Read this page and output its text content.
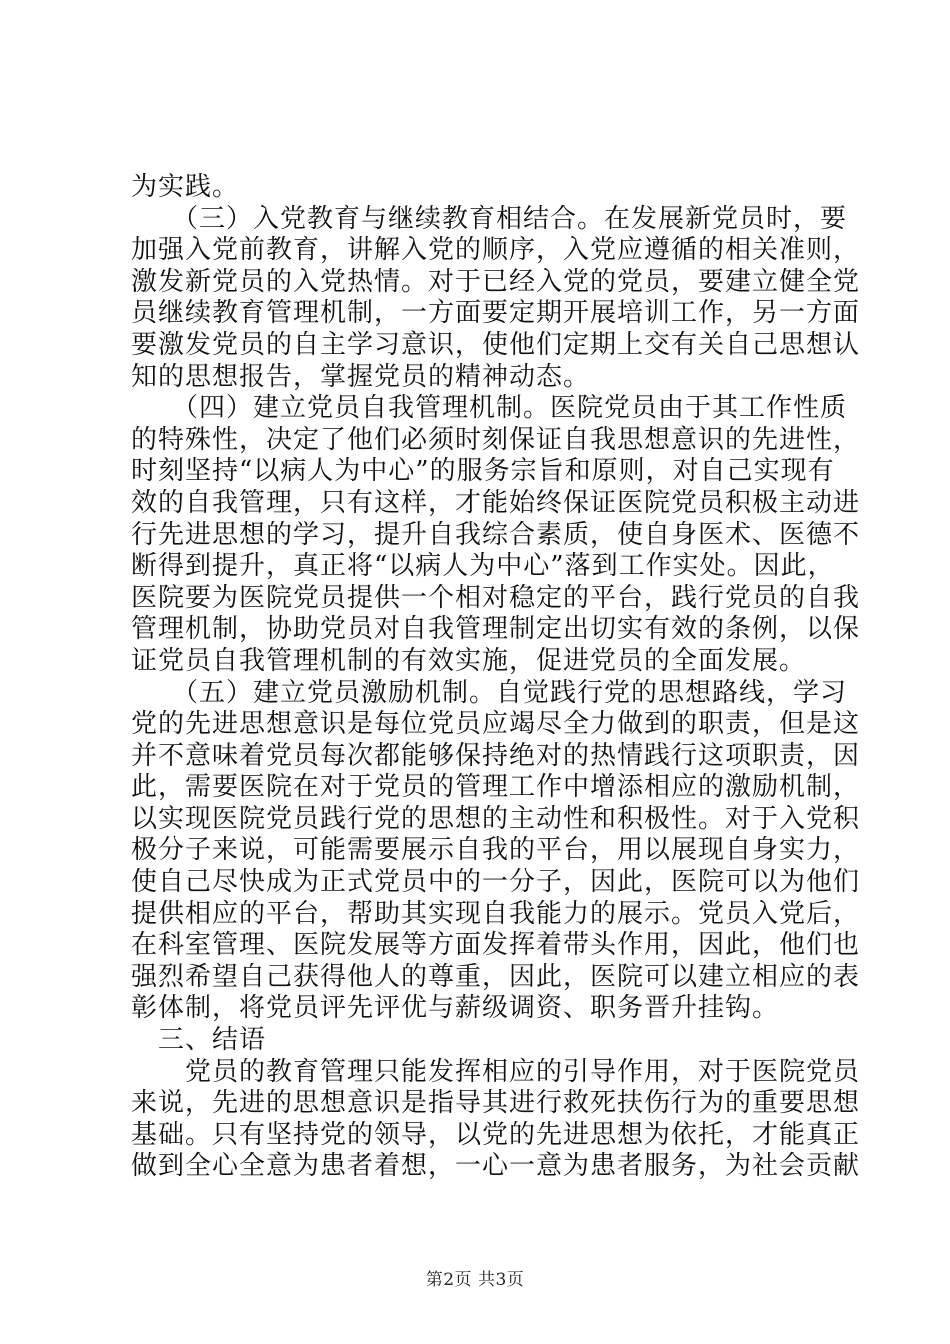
为实践。
　　（三）入党教育与继续教育相结合。在发展新党员时，要
加强入党前教育，讲解入党的顺序，入党应遵循的相关准则，
激发新党员的入党热情。对于已经入党的党员，要建立健全党
员继续教育管理机制，一方面要定期开展培训工作，另一方面
要激发党员的自主学习意识，使他们定期上交有关自己思想认
知的思想报告，掌握党员的精神动态。
　　（四）建立党员自我管理机制。医院党员由于其工作性质
的特殊性，决定了他们必须时刻保证自我思想意识的先进性，
时刻坚持“以病人为中心”的服务宗旨和原则，对自己实现有
效的自我管理，只有这样，才能始终保证医院党员积极主动进
行先进思想的学习，提升自我综合素质，使自身医术、医德不
断得到提升，真正将“以病人为中心”落到工作实处。因此，
医院要为医院党员提供一个相对稳定的平台，践行党员的自我
管理机制，协助党员对自我管理制定出切实有效的条例，以保
证党员自我管理机制的有效实施，促进党员的全面发展。
　　（五）建立党员激励机制。自觉践行党的思想路线，学习
党的先进思想意识是每位党员应竭尽全力做到的职责，但是这
并不意味着党员每次都能够保持绝对的热情践行这项职责，因
此，需要医院在对于党员的管理工作中增添相应的激励机制，
以实现医院党员践行党的思想的主动性和积极性。对于入党积
极分子来说，可能需要展示自我的平台，用以展现自身实力，
使自己尽快成为正式党员中的一分子，因此，医院可以为他们
提供相应的平台，帮助其实现自我能力的展示。党员入党后，
在科室管理、医院发展等方面发挥着带头作用，因此，他们也
强烈希望自己获得他人的尊重，因此，医院可以建立相应的表
彰体制，将党员评先评优与薪级调资、职务晋升挂钩。
　三、结语
　　党员的教育管理只能发挥相应的引导作用，对于医院党员
来说，先进的思想意识是指导其进行救死扶伤行为的重要思想
基础。只有坚持党的领导，以党的先进思想为依托，才能真正
做到全心全意为患者着想，一心一意为患者服务，为社会贡献
第2页 共3页
